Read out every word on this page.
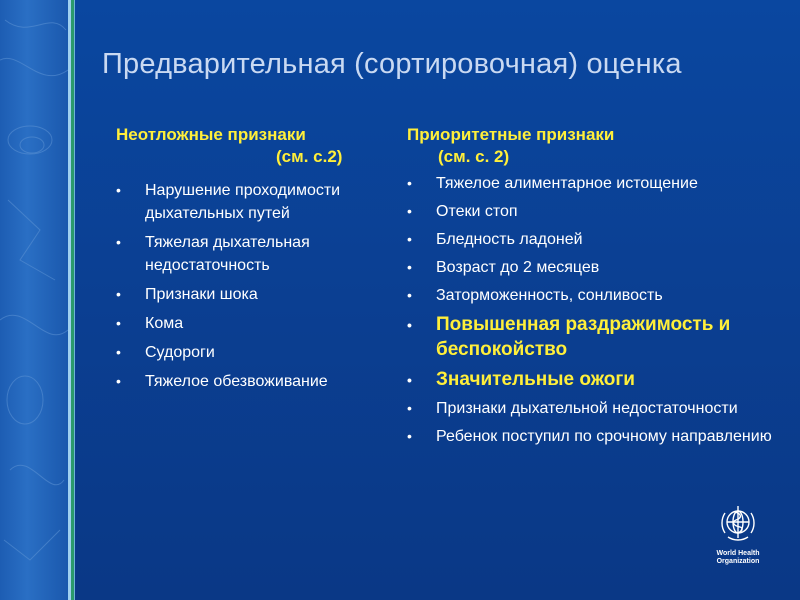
Предварительная (сортировочная) оценка
Неотложные признаки
(см. с.2)
• Нарушение проходимости дыхательных путей
• Тяжелая дыхательная недостаточность
• Признаки шока
• Кома
• Судороги
• Тяжелое обезвоживание
Приоритетные признаки
(см. с. 2)
• Тяжелое алиментарное истощение
• Отеки стоп
• Бледность ладоней
• Возраст до 2 месяцев
• Заторможенность, сонливость
• Повышенная раздражимость и беспокойство
• Значительные ожоги
• Признаки дыхательной недостаточности
• Ребенок поступил по срочному направлению
World Health
Organization
